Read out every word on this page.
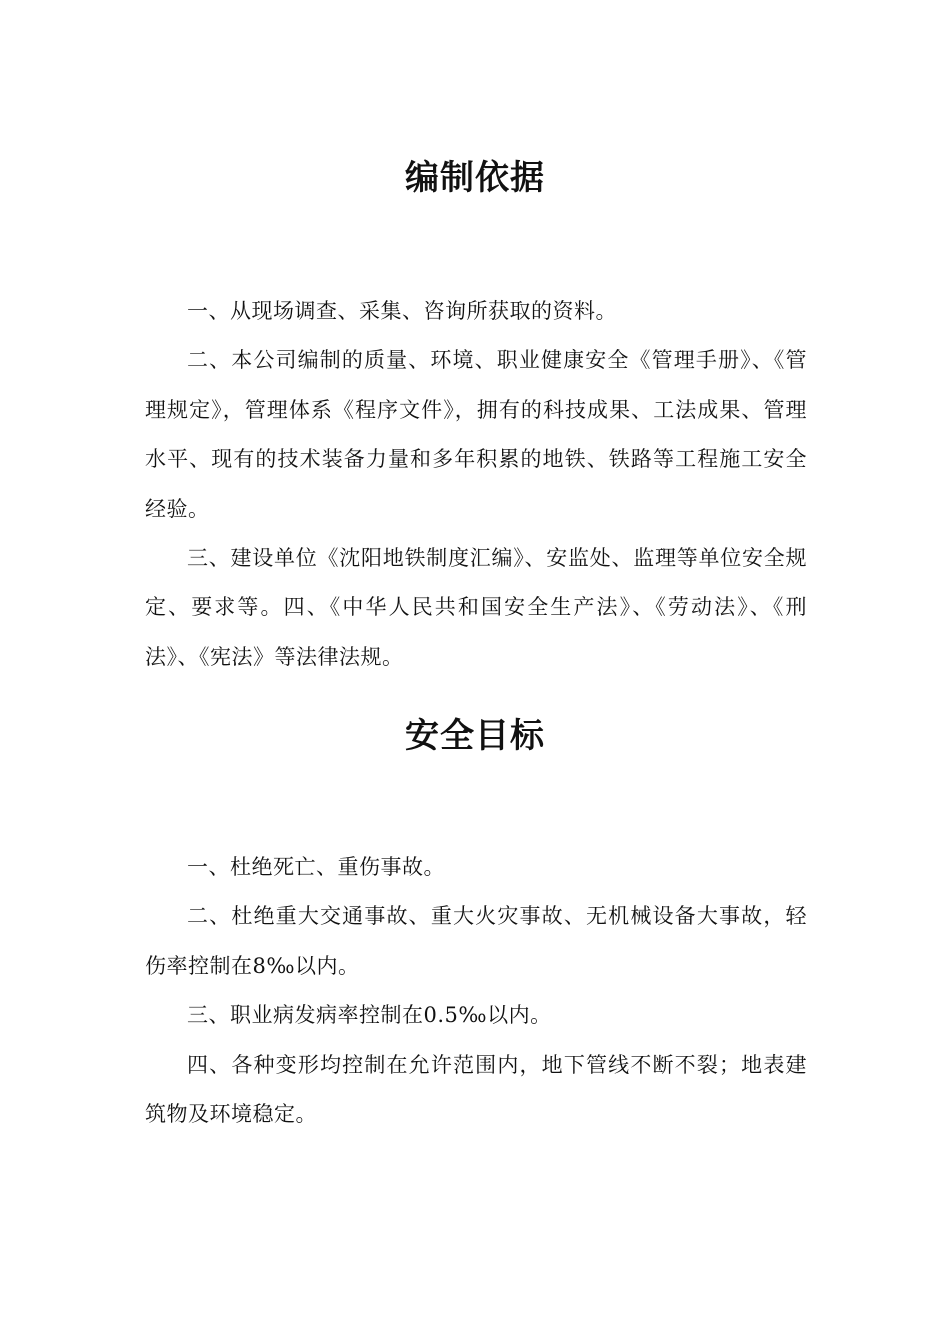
编制依据

一、从现场调查、采集、咨询所获取的资料。

二、本公司编制的质量、环境、职业健康安全《管理手册》、《管理规定》，管理体系《程序文件》，拥有的科技成果、工法成果、管理水平、现有的技术装备力量和多年积累的地铁、铁路等工程施工安全经验。

三、建设单位《沈阳地铁制度汇编》、安监处、监理等单位安全规定、要求等。四、《中华人民共和国安全生产法》、《劳动法》、《刑法》、《宪法》等法律法规。

安全目标

一、杜绝死亡、重伤事故。

二、杜绝重大交通事故、重大火灾事故、无机械设备大事故，轻伤率控制在8‰以内。

三、职业病发病率控制在0.5‰以内。

四、各种变形均控制在允许范围内，地下管线不断不裂；地表建筑物及环境稳定。
